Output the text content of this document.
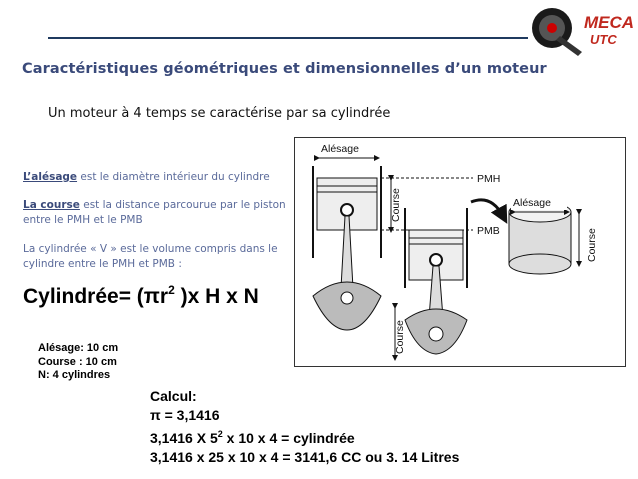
MECA
UTC
Caractéristiques géométriques et dimensionnelles d’un moteur
Un moteur à 4 temps se caractérise par sa cylindrée
L’alésage est le diamètre intérieur du cylindre
La course est la distance parcourue par le piston entre le PMH et le PMB
La cylindrée « V » est le volume compris dans le cylindre entre le PMH et PMB :
Cylindrée= ($\pi r^2$ )x H x N
Alésage: 10 cm
Course : 10 cm
N: 4 cylindres
Calcul:
π = 3,1416
3,1416 X $5^2$ x 10 x 4 = cylindrée
3,1416 x 25 x 10 x 4 = 3141,6 CC ou 3. 14 Litres
Alésage
Course
PMH
PMB
Course
Alésage
Course
